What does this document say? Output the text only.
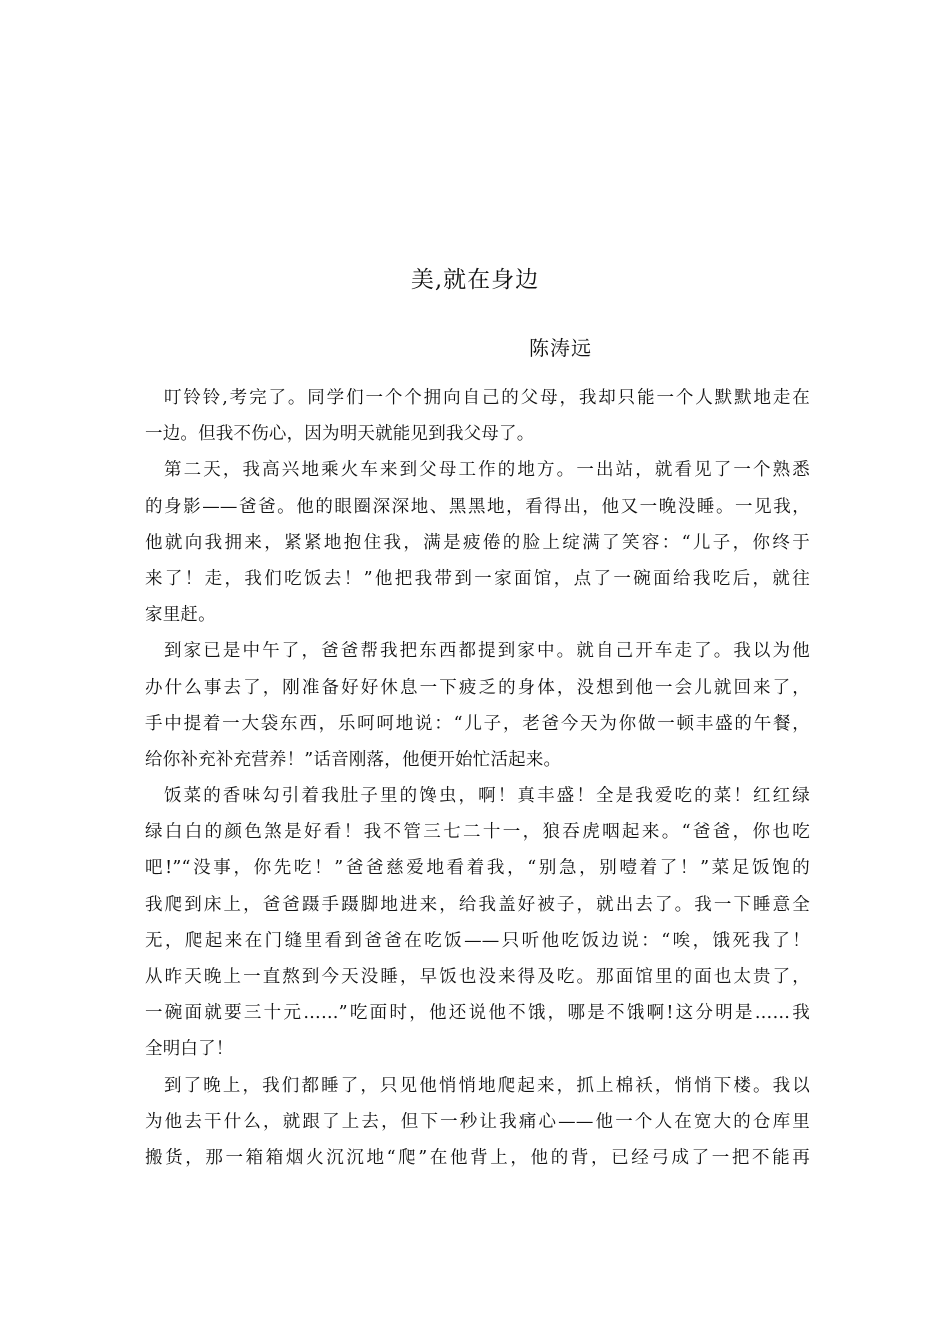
美,就在身边
陈涛远
叮铃铃,考完了。同学们一个个拥向自己的父母，我却只能一个人默默地走在
一边。但我不伤心，因为明天就能见到我父母了。
第二天，我高兴地乘火车来到父母工作的地方。一出站，就看见了一个熟悉
的身影——爸爸。他的眼圈深深地、黑黑地，看得出，他又一晚没睡。一见我，
他就向我拥来，紧紧地抱住我，满是疲倦的脸上绽满了笑容：“儿子，你终于
来了！走，我们吃饭去！”他把我带到一家面馆，点了一碗面给我吃后，就往
家里赶。
到家已是中午了，爸爸帮我把东西都提到家中。就自己开车走了。我以为他
办什么事去了，刚准备好好休息一下疲乏的身体，没想到他一会儿就回来了，
手中提着一大袋东西，乐呵呵地说：“儿子，老爸今天为你做一顿丰盛的午餐，
给你补充补充营养！”话音刚落，他便开始忙活起来。
饭菜的香味勾引着我肚子里的馋虫，啊！真丰盛！全是我爱吃的菜！红红绿
绿白白的颜色煞是好看！我不管三七二十一，狼吞虎咽起来。“爸爸，你也吃
吧!”“没事，你先吃！”爸爸慈爱地看着我，“别急，别噎着了！”菜足饭饱的
我爬到床上，爸爸蹑手蹑脚地进来，给我盖好被子，就出去了。我一下睡意全
无，爬起来在门缝里看到爸爸在吃饭——只听他吃饭边说：“唉，饿死我了！
从昨天晚上一直熬到今天没睡，早饭也没来得及吃。那面馆里的面也太贵了，
一碗面就要三十元……”吃面时，他还说他不饿，哪是不饿啊!这分明是……我
全明白了！
到了晚上，我们都睡了，只见他悄悄地爬起来，抓上棉袄，悄悄下楼。我以
为他去干什么，就跟了上去，但下一秒让我痛心——他一个人在宽大的仓库里
搬货，那一箱箱烟火沉沉地“爬”在他背上，他的背，已经弓成了一把不能再
